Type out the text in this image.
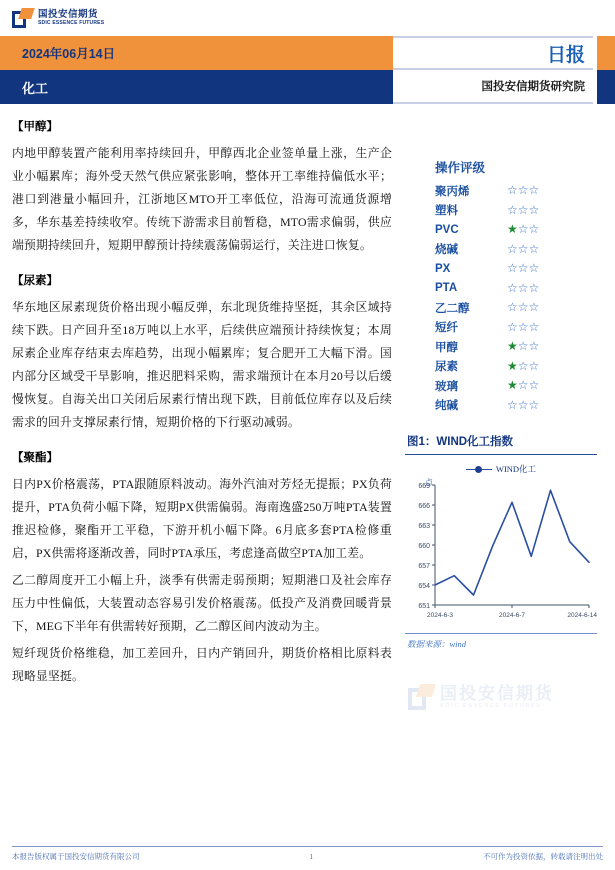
国投安信期货
SDIC ESSENCE FUTURES
2024年06月14日
化工
日报
国投安信期货研究院
【甲醇】

内地甲醇装置产能利用率持续回升，甲醇西北企业签单量上涨，生产企业小幅累库；海外受天然气供应紧张影响，整体开工率维持偏低水平；港口到港量小幅回升，江浙地区MTO开工率低位，沿海可流通货源增多，华东基差持续收窄。传统下游需求目前暂稳，MTO需求偏弱，供应端预期持续回升，短期甲醇预计持续震荡偏弱运行，关注进口恢复。

【尿素】

华东地区尿素现货价格出现小幅反弹，东北现货维持坚挺，其余区域持续下跌。日产回升至18万吨以上水平，后续供应端预计持续恢复；本周尿素企业库存结束去库趋势，出现小幅累库；复合肥开工大幅下滑。国内部分区域受干旱影响，推迟肥料采购，需求端预计在本月20号以后缓慢恢复。自海关出口关闭后尿素行情出现下跌，目前低位库存以及后续需求的回升支撑尿素行情，短期价格的下行驱动减弱。

【聚酯】

日内PX价格震荡，PTA跟随原料波动。海外汽油对芳烃无提振；PX负荷提升，PTA负荷小幅下降，短期PX供需偏弱。海南逸盛250万吨PTA装置推迟检修，聚酯开工平稳，下游开机小幅下降。6月底多套PTA检修重启，PX供需将逐渐改善，同时PTA承压，考虑逢高做空PTA加工差。

乙二醇周度开工小幅上升，淡季有供需走弱预期；短期港口及社会库存压力中性偏低，大装置动态容易引发价格震荡。低投产及消费回暖背景下，MEG下半年有供需转好预期，乙二醇区间内波动为主。

短纤现货价格维稳，加工差回升，日内产销回升，期货价格相比原料表现略显坚挺。

操作评级
聚丙烯	☆☆☆
塑料	☆☆☆
PVC	★☆☆
烧碱	☆☆☆
PX	☆☆☆
PTA	☆☆☆
乙二醇	☆☆☆
短纤	☆☆☆
甲醇	★☆☆
尿素	★☆☆
玻璃	★☆☆
纯碱	☆☆☆
图1：WIND化工指数
WIND化工
点
651
654
657
660
663
666
669
2024-6-3	2024-6-7	2024-6-14
数据来源：wind
国投安信期货
SDIC ESSENCE FUTURES
本报告版权属于国投安信期货有限公司	1	不可作为投资依据，转载请注明出处
